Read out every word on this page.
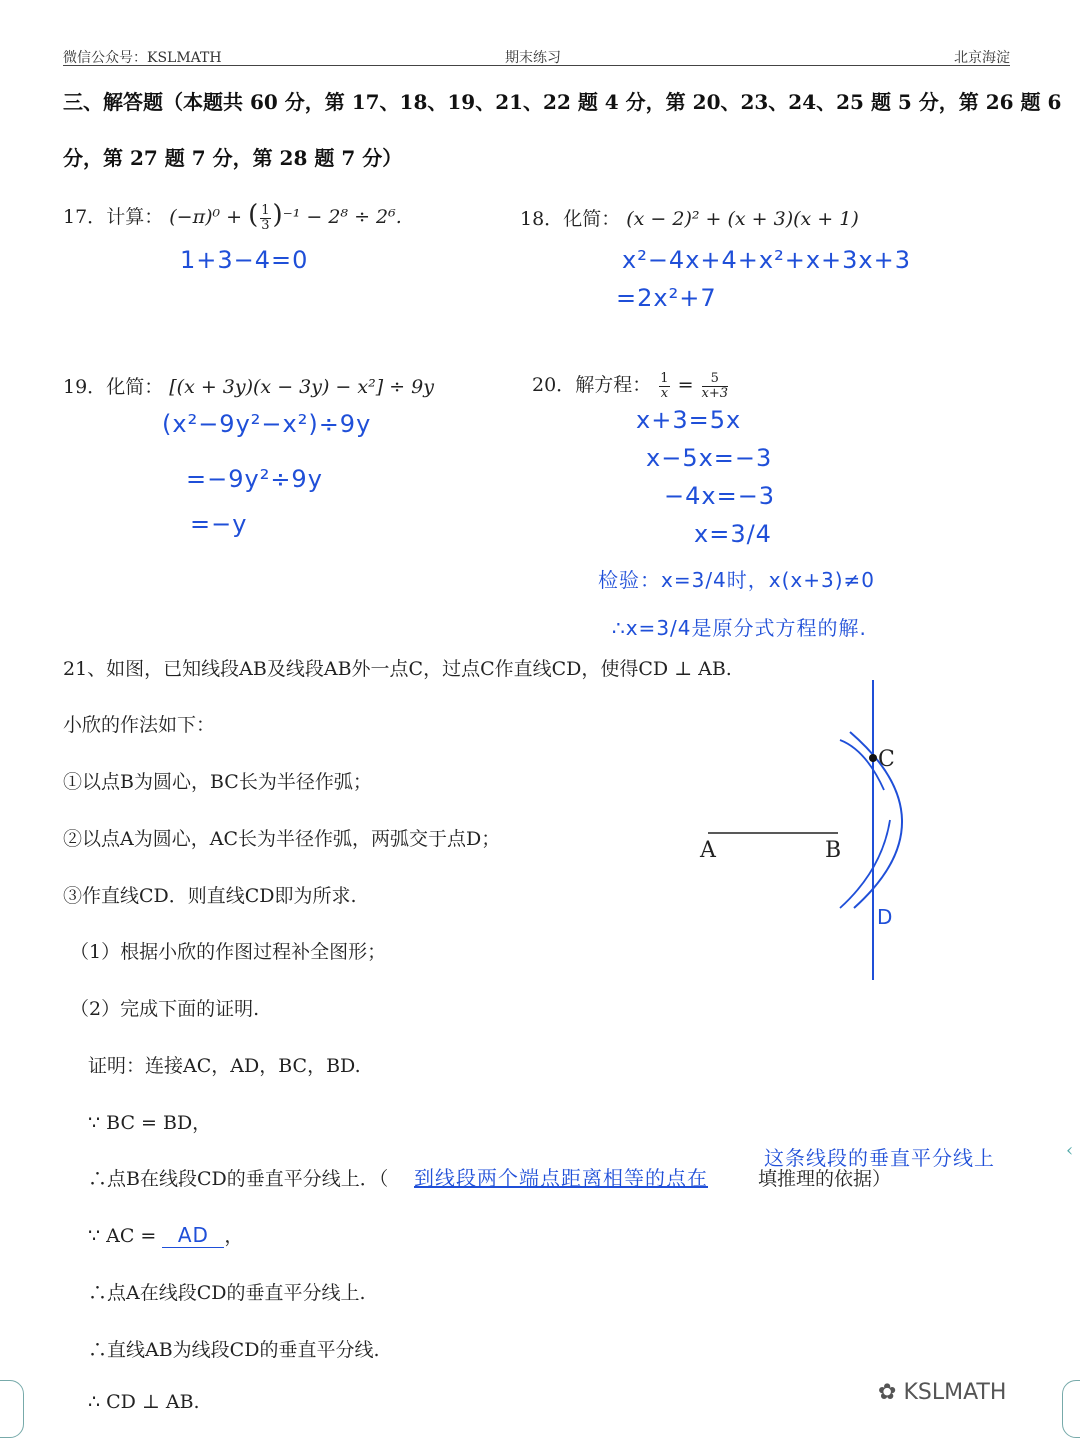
微信公众号：KSLMATH	期末练习	北京海淀
三、解答题（本题共 60 分，第 17、18、19、21、22 题 4 分，第 20、23、24、25 题 5 分，第 26 题 6
分，第 27 题 7 分，第 28 题 7 分）
17．计算： (−π)⁰ + ( $\frac{1}{3} )^{-1} - 2^8 \div 2^6$.
1+3−4=0
18．化简： (x − 2)² + (x + 3)(x + 1)
x²−4x+4+x²+x+3x+3
=2x²+7
19．化简： [(x + 3y)(x − 3y) − x²] ÷ 9y
(x²−9y²−x²)÷9y
=−9y²÷9y
=−y
20．解方程： $\frac{1}{x} = \frac{5}{x+3}$
x+3=5x
x−5x=−3
−4x=−3
x=3/4
检验：x=3/4时，x(x+3)≠0
∴x=3/4是原分式方程的解.
21、如图，已知线段AB及线段AB外一点C，过点C作直线CD，使得CD ⊥ AB.
小欣的作法如下：
①以点B为圆心，BC长为半径作弧；
②以点A为圆心，AC长为半径作弧，两弧交于点D；
③作直线CD．则直线CD即为所求.
（1）根据小欣的作图过程补全图形；
（2）完成下面的证明.
证明：连接AC，AD，BC，BD.
∵ BC = BD，
∴点B在线段CD的垂直平分线上．（ 到线段两个端点距离相等的点在	填推理的依据）
这条线段的垂直平分线上
∵ AC = AD ，
∴点A在线段CD的垂直平分线上.
∴直线AB为线段CD的垂直平分线.
∴ CD ⊥ AB.
A	B
C
D
✿ KSLMATH
‹
